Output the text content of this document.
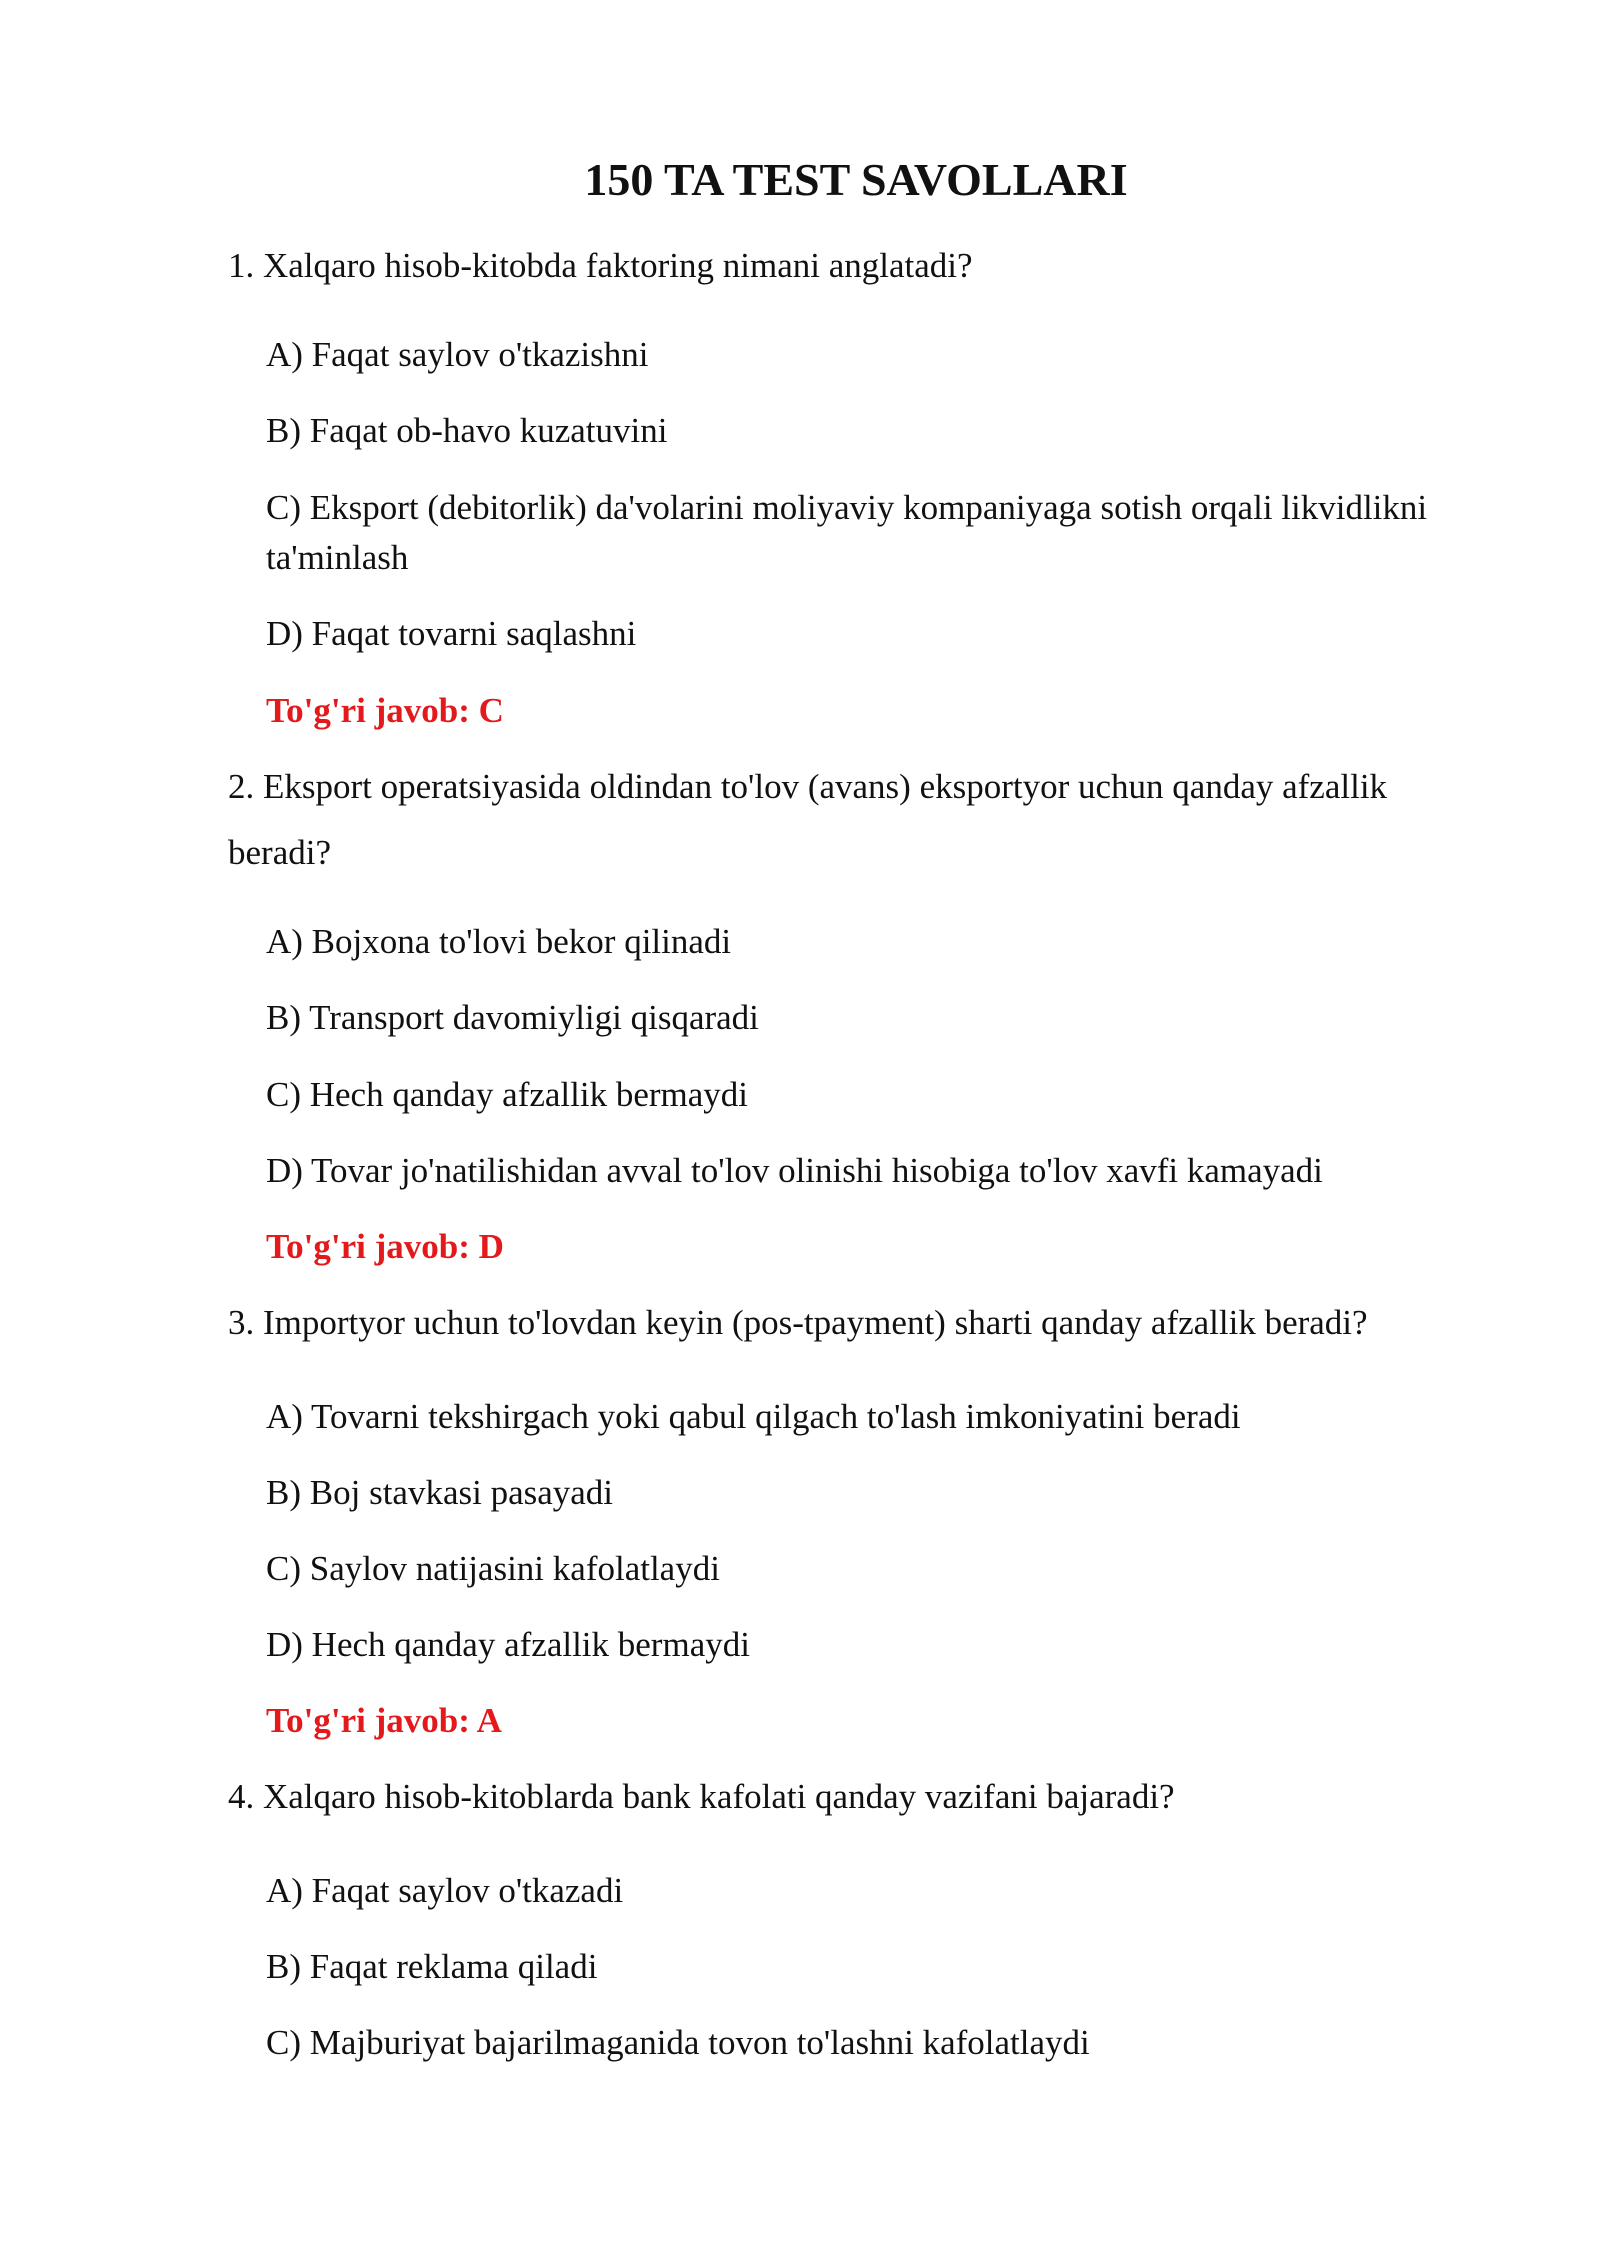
150 TA TEST SAVOLLARI

1. Xalqaro hisob-kitobda faktoring nimani anglatadi?

A) Faqat saylov o'tkazishni

B) Faqat ob-havo kuzatuvini

C) Eksport (debitorlik) da'volarini moliyaviy kompaniyaga sotish orqali likvidlikni ta'minlash

D) Faqat tovarni saqlashni

To'g'ri javob: C

2. Eksport operatsiyasida oldindan to'lov (avans) eksportyor uchun qanday afzallik beradi?

A) Bojxona to'lovi bekor qilinadi

B) Transport davomiyligi qisqaradi

C) Hech qanday afzallik bermaydi

D) Tovar jo'natilishidan avval to'lov olinishi hisobiga to'lov xavfi kamayadi

To'g'ri javob: D

3. Importyor uchun to'lovdan keyin (pos-tpayment) sharti qanday afzallik beradi?

A) Tovarni tekshirgach yoki qabul qilgach to'lash imkoniyatini beradi

B) Boj stavkasi pasayadi

C) Saylov natijasini kafolatlaydi

D) Hech qanday afzallik bermaydi

To'g'ri javob: A

4. Xalqaro hisob-kitoblarda bank kafolati qanday vazifani bajaradi?

A) Faqat saylov o'tkazadi

B) Faqat reklama qiladi

C) Majburiyat bajarilmaganida tovon to'lashni kafolatlaydi
